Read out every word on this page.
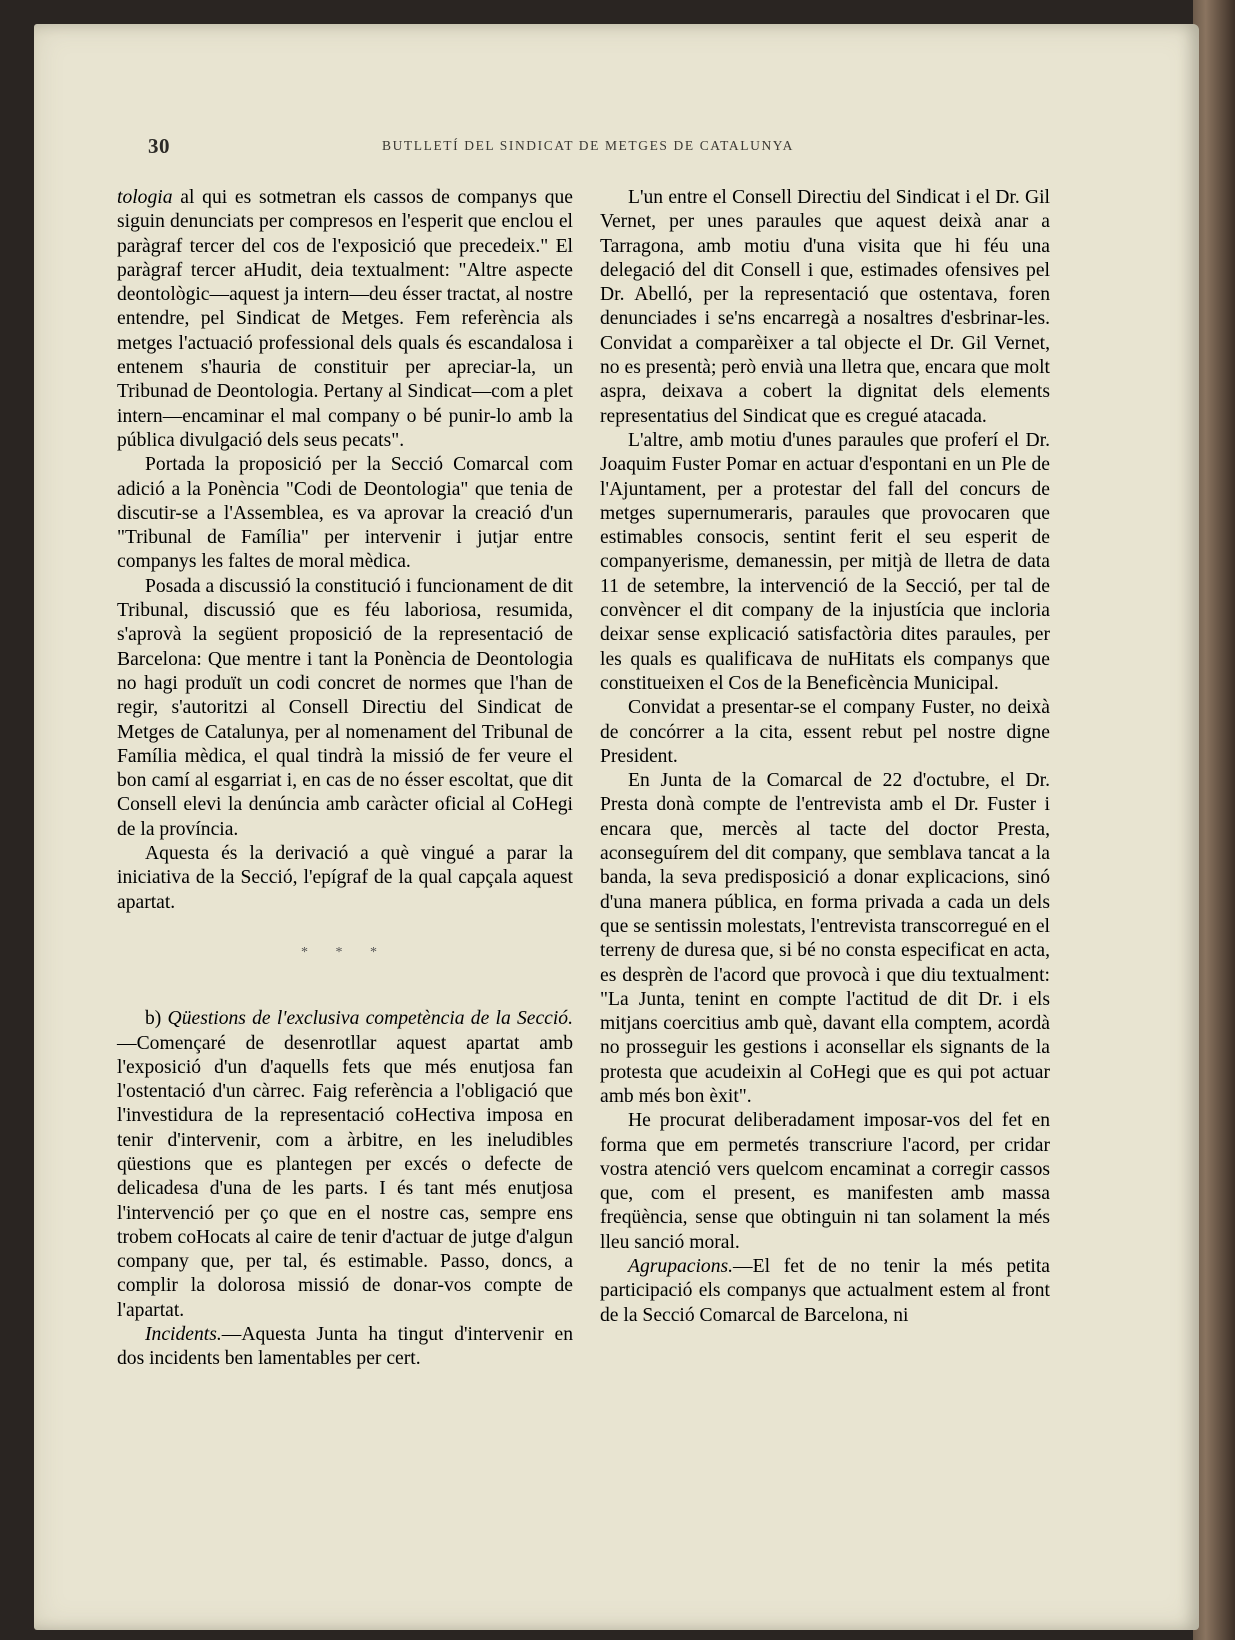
30	BUTLLETÍ DEL SINDICAT DE METGES DE CATALUNYA

tologia al qui es sotmetran els cassos de companys que siguin denunciats per compresos en l'esperit que enclou el paràgraf tercer del cos de l'exposició que precedeix." El paràgraf tercer aHudit, deia textualment: "Altre aspecte deontològic—aquest ja intern—deu ésser tractat, al nostre entendre, pel Sindicat de Metges. Fem referència als metges l'actuació professional dels quals és escandalosa i entenem s'hauria de constituir per apreciar-la, un Tribunad de Deontologia. Pertany al Sindicat—com a plet intern—encaminar el mal company o bé punir-lo amb la pública divulgació dels seus pecats".

Portada la proposició per la Secció Comarcal com adició a la Ponència "Codi de Deontologia" que tenia de discutir-se a l'Assemblea, es va aprovar la creació d'un "Tribunal de Família" per intervenir i jutjar entre companys les faltes de moral mèdica.

Posada a discussió la constitució i funcionament de dit Tribunal, discussió que es féu laboriosa, resumida, s'aprovà la següent proposició de la representació de Barcelona: Que mentre i tant la Ponència de Deontologia no hagi produït un codi concret de normes que l'han de regir, s'autoritzi al Consell Directiu del Sindicat de Metges de Catalunya, per al nomenament del Tribunal de Família mèdica, el qual tindrà la missió de fer veure el bon camí al esgarriat i, en cas de no ésser escoltat, que dit Consell elevi la denúncia amb caràcter oficial al CoHegi de la província.

Aquesta és la derivació a què vingué a parar la iniciativa de la Secció, l'epígraf de la qual capçala aquest apartat.

* * *

b) Qüestions de l'exclusiva competència de la Secció.—Començaré de desenrotllar aquest apartat amb l'exposició d'un d'aquells fets que més enutjosa fan l'ostentació d'un càrrec. Faig referència a l'obligació que l'investidura de la representació coHectiva imposa en tenir d'intervenir, com a àrbitre, en les ineludibles qüestions que es plantegen per excés o defecte de delicadesa d'una de les parts. I és tant més enutjosa l'intervenció per ço que en el nostre cas, sempre ens trobem coHocats al caire de tenir d'actuar de jutge d'algun company que, per tal, és estimable. Passo, doncs, a complir la dolorosa missió de donar-vos compte de l'apartat.

Incidents.—Aquesta Junta ha tingut d'intervenir en dos incidents ben lamentables per cert.

L'un entre el Consell Directiu del Sindicat i el Dr. Gil Vernet, per unes paraules que aquest deixà anar a Tarragona, amb motiu d'una visita que hi féu una delegació del dit Consell i que, estimades ofensives pel Dr. Abelló, per la representació que ostentava, foren denunciades i se'ns encarregà a nosaltres d'esbrinar-les. Convidat a comparèixer a tal objecte el Dr. Gil Vernet, no es presentà; però envià una lletra que, encara que molt aspra, deixava a cobert la dignitat dels elements representatius del Sindicat que es cregué atacada.

L'altre, amb motiu d'unes paraules que proferí el Dr. Joaquim Fuster Pomar en actuar d'espontani en un Ple de l'Ajuntament, per a protestar del fall del concurs de metges supernumeraris, paraules que provocaren que estimables consocis, sentint ferit el seu esperit de companyerisme, demanessin, per mitjà de lletra de data 11 de setembre, la intervenció de la Secció, per tal de convèncer el dit company de la injustícia que incloria deixar sense explicació satisfactòria dites paraules, per les quals es qualificava de nuHitats els companys que constitueixen el Cos de la Beneficència Municipal.

Convidat a presentar-se el company Fuster, no deixà de concórrer a la cita, essent rebut pel nostre digne President.

En Junta de la Comarcal de 22 d'octubre, el Dr. Presta donà compte de l'entrevista amb el Dr. Fuster i encara que, mercès al tacte del doctor Presta, aconseguírem del dit company, que semblava tancat a la banda, la seva predisposició a donar explicacions, sinó d'una manera pública, en forma privada a cada un dels que se sentissin molestats, l'entrevista transcorregué en el terreny de duresa que, si bé no consta especificat en acta, es desprèn de l'acord que provocà i que diu textualment: "La Junta, tenint en compte l'actitud de dit Dr. i els mitjans coercitius amb què, davant ella comptem, acordà no prosseguir les gestions i aconsellar els signants de la protesta que acudeixin al CoHegi que es qui pot actuar amb més bon èxit".

He procurat deliberadament imposar-vos del fet en forma que em permetés transcriure l'acord, per cridar vostra atenció vers quelcom encaminat a corregir cassos que, com el present, es manifesten amb massa freqüència, sense que obtinguin ni tan solament la més lleu sanció moral.

Agrupacions.—El fet de no tenir la més petita participació els companys que actualment estem al front de la Secció Comarcal de Barcelona, ni
